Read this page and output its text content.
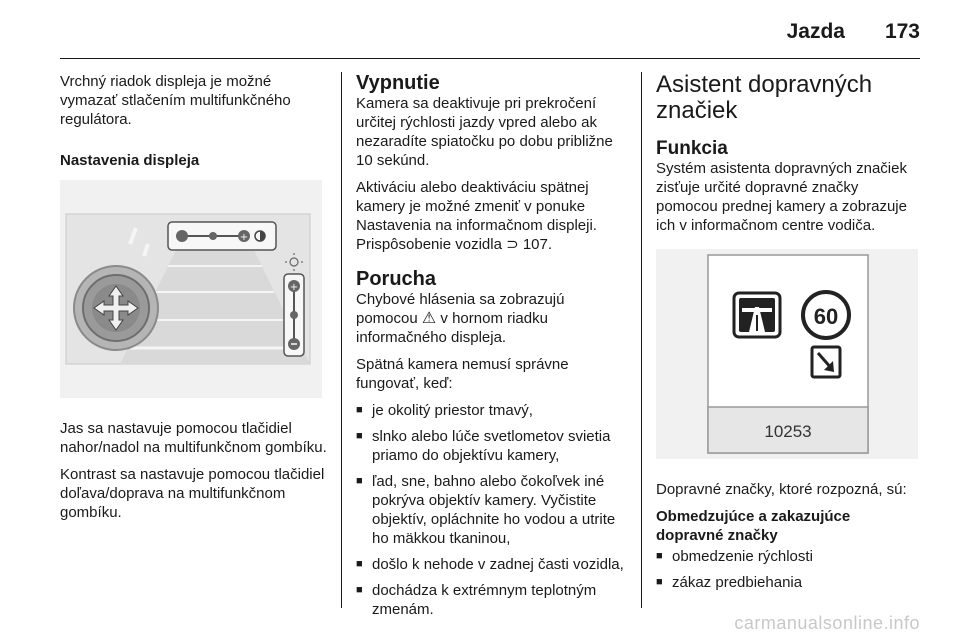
Jazda 173

Vrchný riadok displeja je možné vymazať stlačením multifunkčného regulátora.

Nastavenia displeja

+
+

Jas sa nastavuje pomocou tlačidiel nahor/nadol na multifunkčnom gombíku.

Kontrast sa nastavuje pomocou tlačidiel doľava/doprava na multifunkčnom gombíku.

Vypnutie

Kamera sa deaktivuje pri prekročení určitej rýchlosti jazdy vpred alebo ak nezaradíte spiatočku po dobu približne 10 sekúnd.

Aktiváciu alebo deaktiváciu spätnej kamery je možné zmeniť v ponuke Nastavenia na informačnom displeji. Prispôsobenie vozidla ⊃ 107.

Porucha

Chybové hlásenia sa zobrazujú pomocou ⚠ v hornom riadku informačného displeja.

Spätná kamera nemusí správne fungovať, keď:

■ je okolitý priestor tmavý,
■ slnko alebo lúče svetlometov svietia priamo do objektívu kamery,
■ ľad, sne, bahno alebo čokoľvek iné pokrýva objektív kamery. Vyčistite objektív, opláchnite ho vodou a utrite ho mäkkou tkaninou,
■ došlo k nehode v zadnej časti vozidla,
■ dochádza k extrémnym teplotným zmenám.
Asistent dopravných značiek
Funkcia

Systém asistenta dopravných značiek zisťuje určité dopravné značky pomocou prednej kamery a zobrazuje ich v informačnom centre vodiča.

60
10253

Dopravné značky, ktoré rozpozná, sú:

Obmedzujúce a zakazujúce dopravné značky

■ obmedzenie rýchlosti
■ zákaz predbiehania
carmanualsonline.info
